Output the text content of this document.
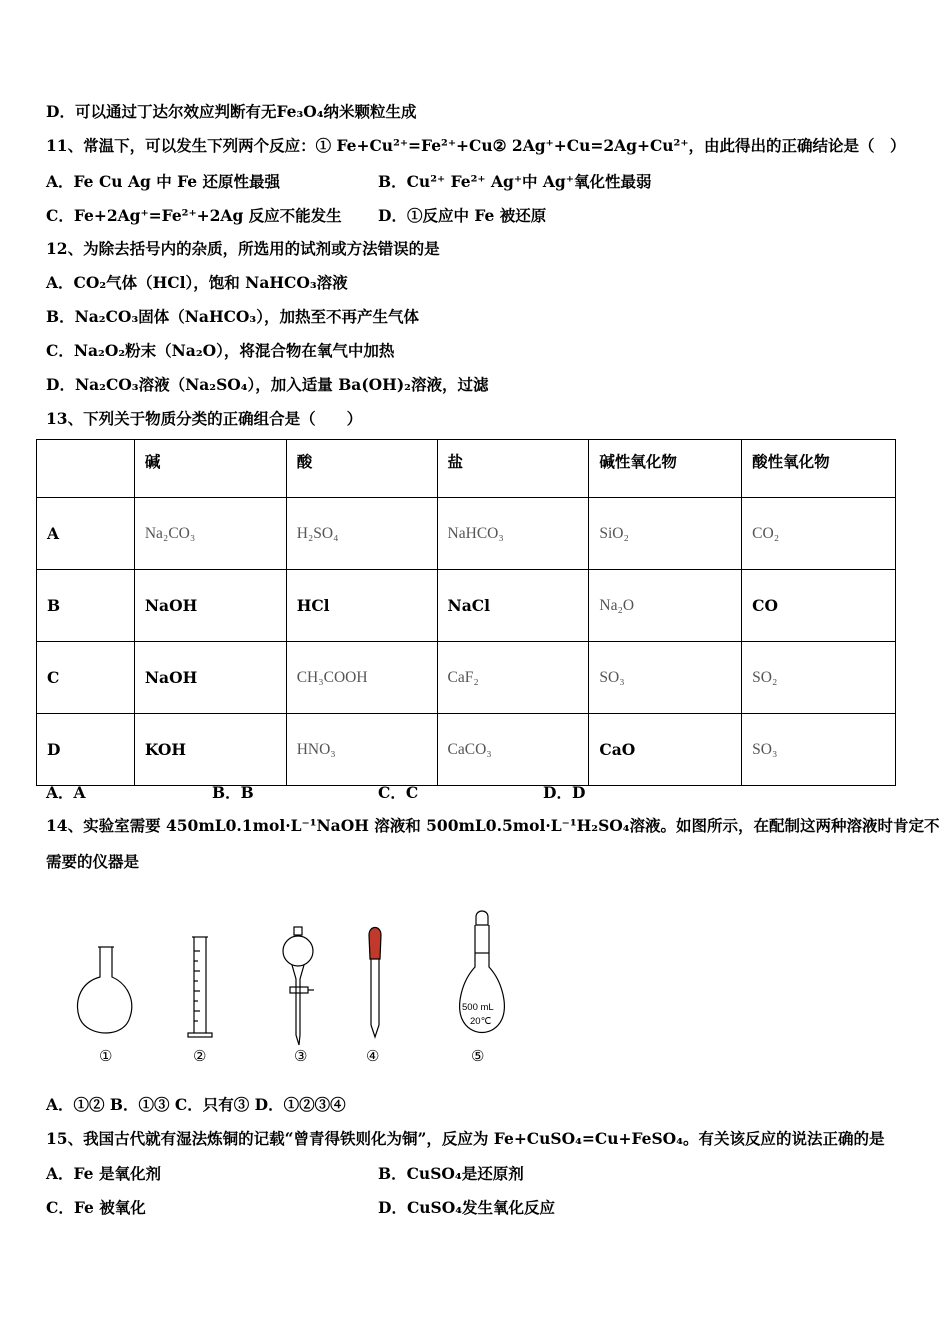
D．可以通过丁达尔效应判断有无Fe₃O₄纳米颗粒生成
11、常温下，可以发生下列两个反应：① Fe+Cu²⁺=Fe²⁺+Cu② 2Ag⁺+Cu=2Ag+Cu²⁺，由此得出的正确结论是（　）
A．Fe Cu Ag 中 Fe 还原性最强	B．Cu²⁺ Fe²⁺ Ag⁺中 Ag⁺氧化性最弱
C．Fe+2Ag⁺=Fe²⁺+2Ag 反应不能发生 D．①反应中 Fe 被还原
12、为除去括号内的杂质，所选用的试剂或方法错误的是
A．CO₂气体（HCl），饱和 NaHCO₃溶液
B．Na₂CO₃固体（NaHCO₃），加热至不再产生气体
C．Na₂O₂粉末（Na₂O），将混合物在氧气中加热
D．Na₂CO₃溶液（Na₂SO₄），加入适量 Ba(OH)₂溶液，过滤
13、下列关于物质分类的正确组合是（　　）
	碱	酸	盐	碱性氧化物	酸性氧化物
A	Na₂CO₃	H₂SO₄	NaHCO₃	SiO₂	CO₂
B	NaOH	HCl	NaCl	Na₂O	CO
C	NaOH	CH₃COOH	CaF₂	SO₃	SO₂
D	KOH	HNO₃	CaCO₃	CaO	SO₃
A．A	B．B	C．C	D．D
14、实验室需要 450mL0.1mol·L⁻¹NaOH 溶液和 500mL0.5mol·L⁻¹H₂SO₄溶液。如图所示，在配制这两种溶液时肯定不
需要的仪器是
500 mL
20℃
①	②	③	④	⑤
A．①② B．①③ C．只有③ D．①②③④
15、我国古代就有湿法炼铜的记载“曾青得铁则化为铜”，反应为 Fe+CuSO₄=Cu+FeSO₄。有关该反应的说法正确的是
A．Fe 是氧化剂	B．CuSO₄是还原剂
C．Fe 被氧化	D．CuSO₄发生氧化反应
